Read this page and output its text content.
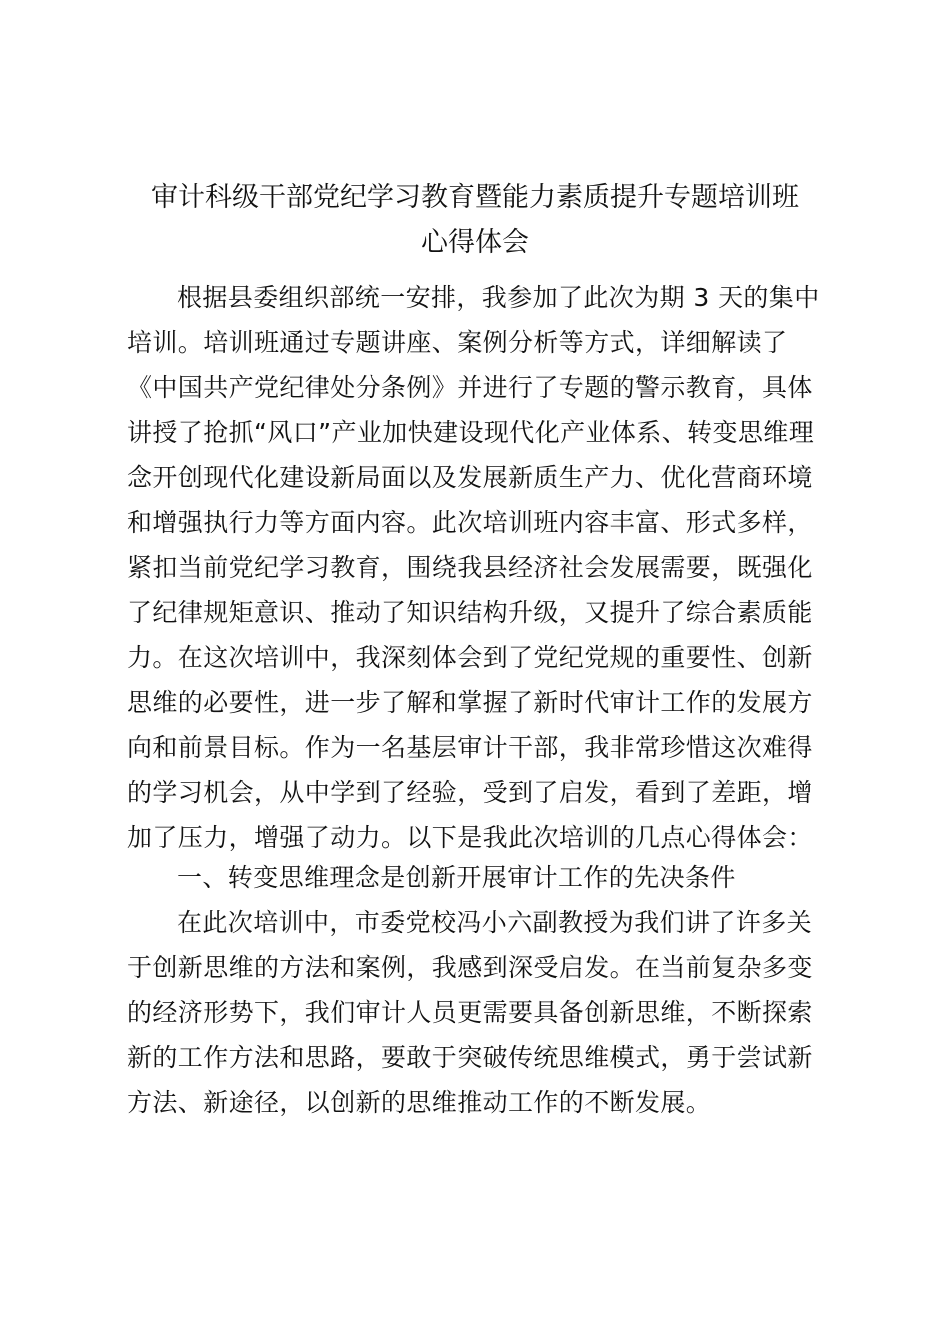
审计科级干部党纪学习教育暨能力素质提升专题培训班
心得体会
根据县委组织部统一安排，我参加了此次为期 3 天的集中
培训。培训班通过专题讲座、案例分析等方式，详细解读了
《中国共产党纪律处分条例》并进行了专题的警示教育，具体
讲授了抢抓“风口”产业加快建设现代化产业体系、转变思维理
念开创现代化建设新局面以及发展新质生产力、优化营商环境
和增强执行力等方面内容。此次培训班内容丰富、形式多样，
紧扣当前党纪学习教育，围绕我县经济社会发展需要，既强化
了纪律规矩意识、推动了知识结构升级，又提升了综合素质能
力。在这次培训中，我深刻体会到了党纪党规的重要性、创新
思维的必要性，进一步了解和掌握了新时代审计工作的发展方
向和前景目标。作为一名基层审计干部，我非常珍惜这次难得
的学习机会，从中学到了经验，受到了启发，看到了差距，增
加了压力，增强了动力。以下是我此次培训的几点心得体会：
一、转变思维理念是创新开展审计工作的先决条件
在此次培训中，市委党校冯小六副教授为我们讲了许多关
于创新思维的方法和案例，我感到深受启发。在当前复杂多变
的经济形势下，我们审计人员更需要具备创新思维，不断探索
新的工作方法和思路，要敢于突破传统思维模式，勇于尝试新
方法、新途径，以创新的思维推动工作的不断发展。
